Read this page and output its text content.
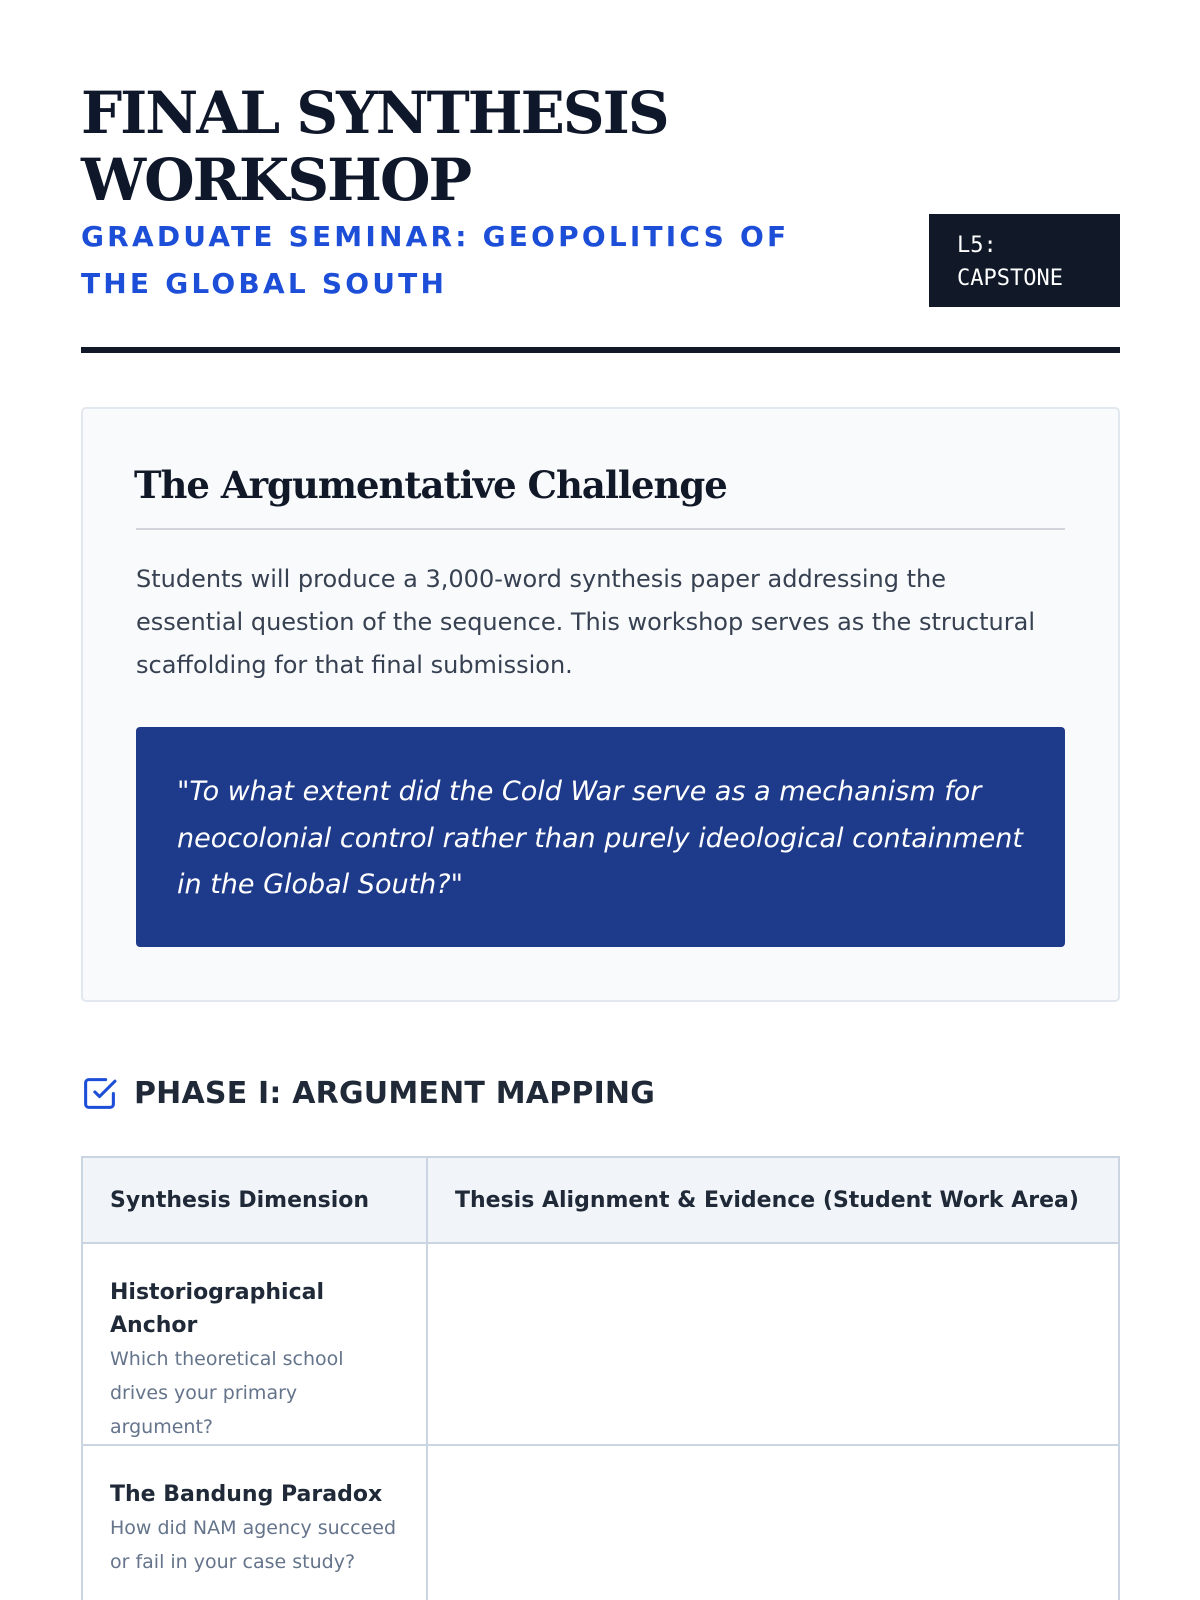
FINAL SYNTHESIS WORKSHOP
GRADUATE SEMINAR: GEOPOLITICS OF THE GLOBAL SOUTH
L5: CAPSTONE
The Argumentative Challenge

Students will produce a 3,000-word synthesis paper addressing the essential question of the sequence. This workshop serves as the structural scaffolding for that final submission.

"To what extent did the Cold War serve as a mechanism for neocolonial control rather than purely ideological containment in the Global South?"
PHASE I: ARGUMENT MAPPING
Synthesis Dimension	Thesis Alignment & Evidence (Student Work Area)

Historiographical Anchor
Which theoretical school drives your primary argument?	

The Bandung Paradox
How did NAM agency succeed or fail in your case study?	
